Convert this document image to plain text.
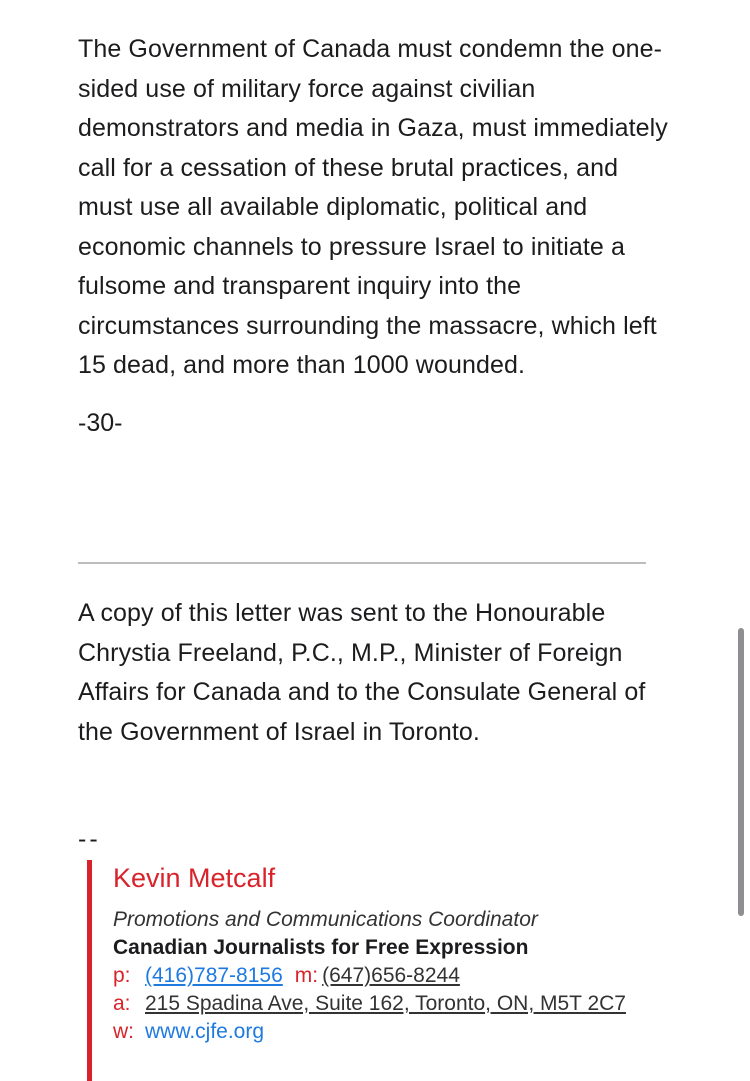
The Government of Canada must condemn the one-sided use of military force against civilian demonstrators and media in Gaza, must immediately call for a cessation of these brutal practices, and must use all available diplomatic, political and economic channels to pressure Israel to initiate a fulsome and transparent inquiry into the circumstances surrounding the massacre, which left 15 dead, and more than 1000 wounded.

-30-

A copy of this letter was sent to the Honourable Chrystia Freeland, P.C., M.P., Minister of Foreign Affairs for Canada and to the Consulate General of the Government of Israel in Toronto.

--
Kevin Metcalf
Promotions and Communications Coordinator
Canadian Journalists for Free Expression
p: (416)787-8156 m: (647)656-8244
a: 215 Spadina Ave, Suite 162, Toronto, ON, M5T 2C7
w: www.cjfe.org
